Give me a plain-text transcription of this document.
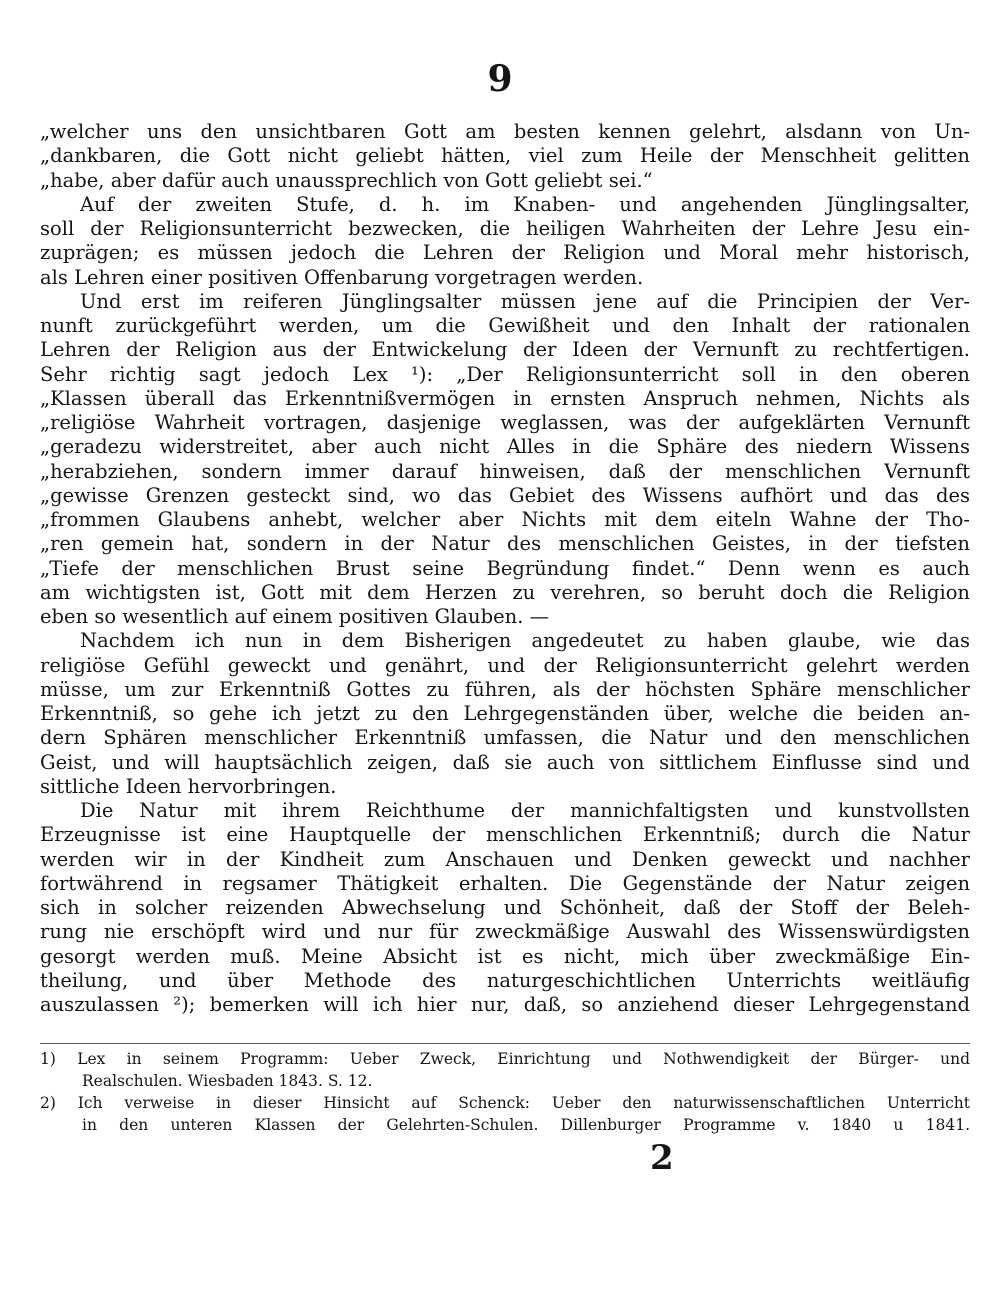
9
„welcher uns den unsichtbaren Gott am besten kennen gelehrt, alsdann von Un-
„dankbaren, die Gott nicht geliebt hätten, viel zum Heile der Menschheit gelitten
„habe, aber dafür auch unaussprechlich von Gott geliebt sei.“
Auf der zweiten Stufe, d. h. im Knaben- und angehenden Jünglingsalter,
soll der Religionsunterricht bezwecken, die heiligen Wahrheiten der Lehre Jesu ein-
zuprägen; es müssen jedoch die Lehren der Religion und Moral mehr historisch,
als Lehren einer positiven Offenbarung vorgetragen werden.
Und erst im reiferen Jünglingsalter müssen jene auf die Principien der Ver-
nunft zurückgeführt werden, um die Gewißheit und den Inhalt der rationalen
Lehren der Religion aus der Entwickelung der Ideen der Vernunft zu rechtfertigen.
Sehr richtig sagt jedoch Lex ¹): „Der Religionsunterricht soll in den oberen
„Klassen überall das Erkenntnißvermögen in ernsten Anspruch nehmen, Nichts als
„religiöse Wahrheit vortragen, dasjenige weglassen, was der aufgeklärten Vernunft
„geradezu widerstreitet, aber auch nicht Alles in die Sphäre des niedern Wissens
„herabziehen, sondern immer darauf hinweisen, daß der menschlichen Vernunft
„gewisse Grenzen gesteckt sind, wo das Gebiet des Wissens aufhört und das des
„frommen Glaubens anhebt, welcher aber Nichts mit dem eiteln Wahne der Tho-
„ren gemein hat, sondern in der Natur des menschlichen Geistes, in der tiefsten
„Tiefe der menschlichen Brust seine Begründung findet.“ Denn wenn es auch
am wichtigsten ist, Gott mit dem Herzen zu verehren, so beruht doch die Religion
eben so wesentlich auf einem positiven Glauben. —
Nachdem ich nun in dem Bisherigen angedeutet zu haben glaube, wie das
religiöse Gefühl geweckt und genährt, und der Religionsunterricht gelehrt werden
müsse, um zur Erkenntniß Gottes zu führen, als der höchsten Sphäre menschlicher
Erkenntniß, so gehe ich jetzt zu den Lehrgegenständen über, welche die beiden an-
dern Sphären menschlicher Erkenntniß umfassen, die Natur und den menschlichen
Geist, und will hauptsächlich zeigen, daß sie auch von sittlichem Einflusse sind und
sittliche Ideen hervorbringen.
Die Natur mit ihrem Reichthume der mannichfaltigsten und kunstvollsten
Erzeugnisse ist eine Hauptquelle der menschlichen Erkenntniß; durch die Natur
werden wir in der Kindheit zum Anschauen und Denken geweckt und nachher
fortwährend in regsamer Thätigkeit erhalten. Die Gegenstände der Natur zeigen
sich in solcher reizenden Abwechselung und Schönheit, daß der Stoff der Beleh-
rung nie erschöpft wird und nur für zweckmäßige Auswahl des Wissenswürdigsten
gesorgt werden muß. Meine Absicht ist es nicht, mich über zweckmäßige Ein-
theilung, und über Methode des naturgeschichtlichen Unterrichts weitläufig
auszulassen ²); bemerken will ich hier nur, daß, so anziehend dieser Lehrgegenstand
1) Lex in seinem Programm: Ueber Zweck, Einrichtung und Nothwendigkeit der Bürger- und
Realschulen. Wiesbaden 1843. S. 12.
2) Ich verweise in dieser Hinsicht auf Schenck: Ueber den naturwissenschaftlichen Unterricht
in den unteren Klassen der Gelehrten-Schulen. Dillenburger Programme v. 1840 u 1841.
2
